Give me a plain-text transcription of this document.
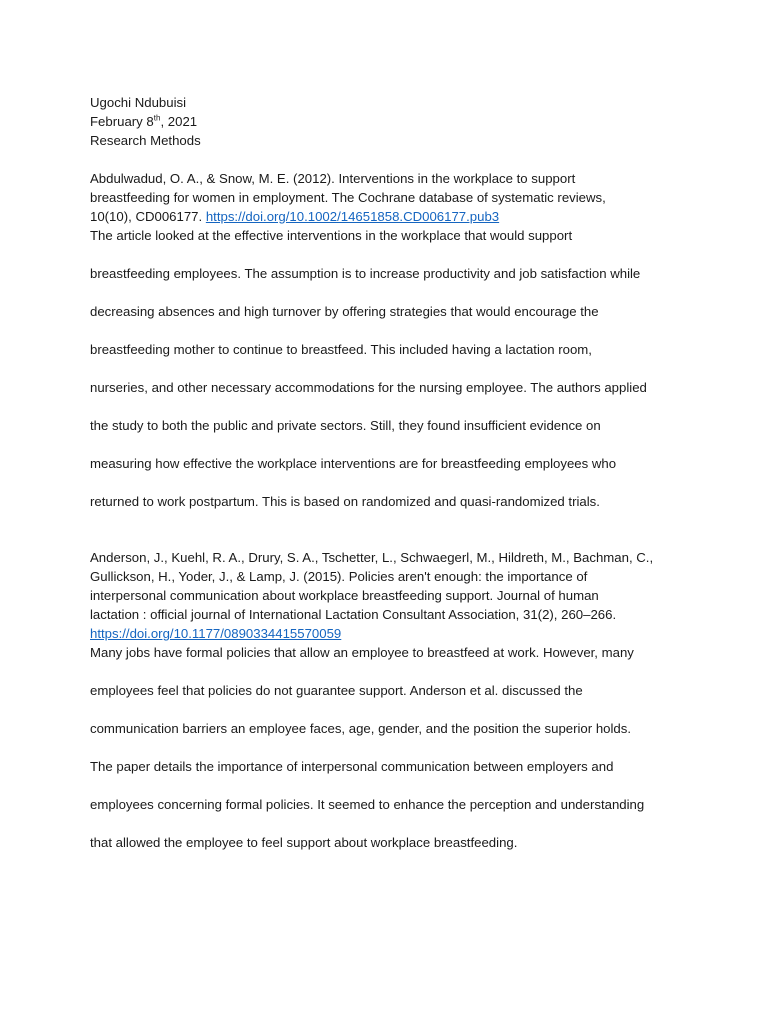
Ugochi Ndubuisi
February 8th, 2021
Research Methods
Abdulwadud, O. A., & Snow, M. E. (2012). Interventions in the workplace to support
breastfeeding for women in employment. The Cochrane database of systematic reviews,
10(10), CD006177. https://doi.org/10.1002/14651858.CD006177.pub3
The article looked at the effective interventions in the workplace that would support
breastfeeding employees. The assumption is to increase productivity and job satisfaction while
decreasing absences and high turnover by offering strategies that would encourage the
breastfeeding mother to continue to breastfeed. This included having a lactation room,
nurseries, and other necessary accommodations for the nursing employee. The authors applied
the study to both the public and private sectors. Still, they found insufficient evidence on
measuring how effective the workplace interventions are for breastfeeding employees who
returned to work postpartum. This is based on randomized and quasi-randomized trials.
Anderson, J., Kuehl, R. A., Drury, S. A., Tschetter, L., Schwaegerl, M., Hildreth, M., Bachman, C.,
Gullickson, H., Yoder, J., & Lamp, J. (2015). Policies aren't enough: the importance of
interpersonal communication about workplace breastfeeding support. Journal of human
lactation : official journal of International Lactation Consultant Association, 31(2), 260–266.
https://doi.org/10.1177/0890334415570059
Many jobs have formal policies that allow an employee to breastfeed at work. However, many
employees feel that policies do not guarantee support. Anderson et al. discussed the
communication barriers an employee faces, age, gender, and the position the superior holds.
The paper details the importance of interpersonal communication between employers and
employees concerning formal policies. It seemed to enhance the perception and understanding
that allowed the employee to feel support about workplace breastfeeding.
